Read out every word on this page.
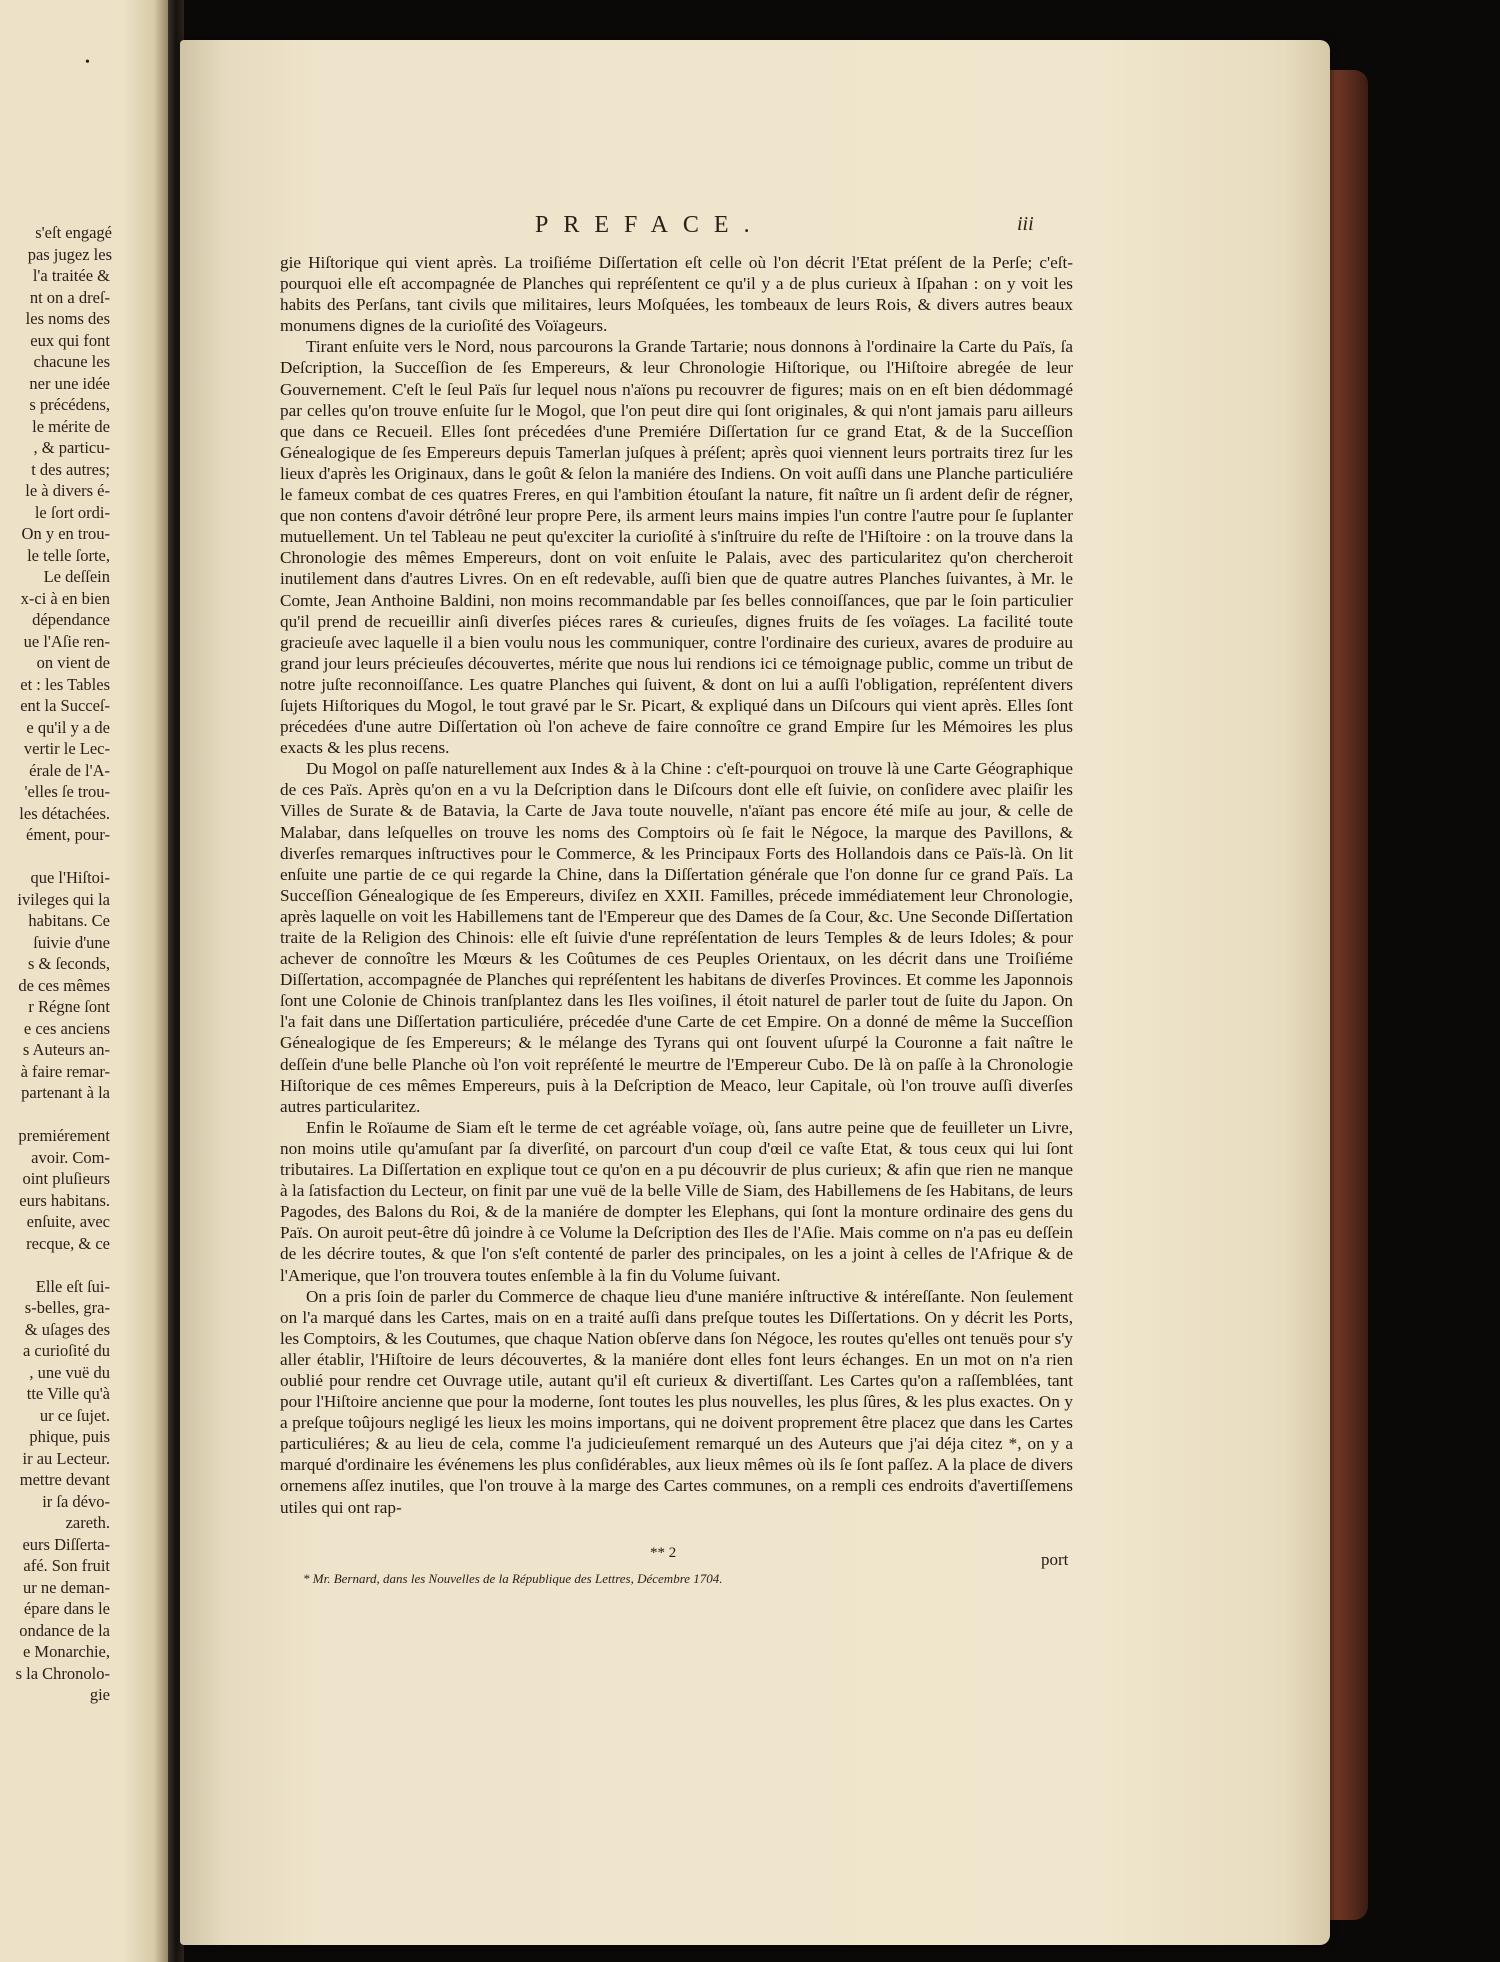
s'eſt engagé
pas jugez les
l'a traitée &
nt on a dreſ-
les noms des
eux qui font
chacune les
ner une idée
s précédens,
le mérite de
, & particu-
t des autres;
le à divers é-
le ſort ordi-
On y en trou-
le telle ſorte,
Le deſſein
x-ci à en bien
dépendance
ue l'Aſie ren-
on vient de
et : les Tables
ent la Succeſ-
e qu'il y a de
vertir le Lec-
érale de l'A-
'elles ſe trou-
les détachées.
ément, pour-
que l'Hiſtoi-
ivileges qui la
habitans. Ce
ſuivie d'une
s & ſeconds,
de ces mêmes
r Régne ſont
e ces anciens
s Auteurs an-
à faire remar-
partenant à la
premiérement
avoir. Com-
oint pluſieurs
eurs habitans.
enſuite, avec
recque, & ce
Elle eſt ſui-
s-belles, gra-
& uſages des
a curioſité du
, une vuë du
tte Ville qu'à
ur ce ſujet.
phique, puis
ir au Lecteur.
mettre devant
ir ſa dévo-
zareth.
eurs Diſſerta-
afé. Son fruit
ur ne deman-
épare dans le
ondance de la
e Monarchie,
s la Chronolo-
gie
PREFACE.	iii

gie Hiſtorique qui vient après. La troiſiéme Diſſertation eſt celle où l'on décrit l'Etat préſent de la Perſe; c'eſt-pourquoi elle eſt accompagnée de Planches qui repréſentent ce qu'il y a de plus curieux à Iſpahan : on y voit les habits des Perſans, tant civils que militaires, leurs Moſquées, les tombeaux de leurs Rois, & divers autres beaux monumens dignes de la curioſité des Voïageurs.

Tirant enſuite vers le Nord, nous parcourons la Grande Tartarie; nous donnons à l'ordinaire la Carte du Païs, ſa Deſcription, la Succeſſion de ſes Empereurs, & leur Chronologie Hiſtorique, ou l'Hiſtoire abregée de leur Gouvernement. C'eſt le ſeul Païs ſur lequel nous n'aïons pu recouvrer de figures; mais on en eſt bien dédommagé par celles qu'on trouve enſuite ſur le Mogol, que l'on peut dire qui ſont originales, & qui n'ont jamais paru ailleurs que dans ce Recueil. Elles ſont précedées d'une Premiére Diſſertation ſur ce grand Etat, & de la Succeſſion Génealogique de ſes Empereurs depuis Tamerlan juſques à préſent; après quoi viennent leurs portraits tirez ſur les lieux d'après les Originaux, dans le goût & ſelon la maniére des Indiens. On voit auſſi dans une Planche particuliére le fameux combat de ces quatres Freres, en qui l'ambition étouſant la nature, fit naître un ſi ardent deſir de régner, que non contens d'avoir détrôné leur propre Pere, ils arment leurs mains impies l'un contre l'autre pour ſe ſuplanter mutuellement. Un tel Tableau ne peut qu'exciter la curioſité à s'inſtruire du reſte de l'Hiſtoire : on la trouve dans la Chronologie des mêmes Empereurs, dont on voit enſuite le Palais, avec des particularitez qu'on chercheroit inutilement dans d'autres Livres. On en eſt redevable, auſſi bien que de quatre autres Planches ſuivantes, à Mr. le Comte, Jean Anthoine Baldini, non moins recommandable par ſes belles connoiſſances, que par le ſoin particulier qu'il prend de recueillir ainſi diverſes piéces rares & curieuſes, dignes fruits de ſes voïages. La facilité toute gracieuſe avec laquelle il a bien voulu nous les communiquer, contre l'ordinaire des curieux, avares de produire au grand jour leurs précieuſes découvertes, mérite que nous lui rendions ici ce témoignage public, comme un tribut de notre juſte reconnoiſſance. Les quatre Planches qui ſuivent, & dont on lui a auſſi l'obligation, repréſentent divers ſujets Hiſtoriques du Mogol, le tout gravé par le Sr. Picart, & expliqué dans un Diſcours qui vient après. Elles ſont précedées d'une autre Diſſertation où l'on acheve de faire connoître ce grand Empire ſur les Mémoires les plus exacts & les plus recens.

Du Mogol on paſſe naturellement aux Indes & à la Chine : c'eſt-pourquoi on trouve là une Carte Géographique de ces Païs. Après qu'on en a vu la Deſcription dans le Diſcours dont elle eſt ſuivie, on conſidere avec plaiſir les Villes de Surate & de Batavia, la Carte de Java toute nouvelle, n'aïant pas encore été miſe au jour, & celle de Malabar, dans leſquelles on trouve les noms des Comptoirs où ſe fait le Négoce, la marque des Pavillons, & diverſes remarques inſtructives pour le Commerce, & les Principaux Forts des Hollandois dans ce Païs-là. On lit enſuite une partie de ce qui regarde la Chine, dans la Diſſertation générale que l'on donne ſur ce grand Païs. La Succeſſion Génealogique de ſes Empereurs, diviſez en XXII. Familles, précede immédiatement leur Chronologie, après laquelle on voit les Habillemens tant de l'Empereur que des Dames de ſa Cour, &c. Une Seconde Diſſertation traite de la Religion des Chinois: elle eſt ſuivie d'une repréſentation de leurs Temples & de leurs Idoles; & pour achever de connoître les Mœurs & les Coûtumes de ces Peuples Orientaux, on les décrit dans une Troiſiéme Diſſertation, accompagnée de Planches qui repréſentent les habitans de diverſes Provinces. Et comme les Japonnois ſont une Colonie de Chinois tranſplantez dans les Iles voiſines, il étoit naturel de parler tout de ſuite du Japon. On l'a fait dans une Diſſertation particuliére, précedée d'une Carte de cet Empire. On a donné de même la Succeſſion Génealogique de ſes Empereurs; & le mélange des Tyrans qui ont ſouvent uſurpé la Couronne a fait naître le deſſein d'une belle Planche où l'on voit repréſenté le meurtre de l'Empereur Cubo. De là on paſſe à la Chronologie Hiſtorique de ces mêmes Empereurs, puis à la Deſcription de Meaco, leur Capitale, où l'on trouve auſſi diverſes autres particularitez.

Enfin le Roïaume de Siam eſt le terme de cet agréable voïage, où, ſans autre peine que de feuilleter un Livre, non moins utile qu'amuſant par ſa diverſité, on parcourt d'un coup d'œil ce vaſte Etat, & tous ceux qui lui ſont tributaires. La Diſſertation en explique tout ce qu'on en a pu découvrir de plus curieux; & afin que rien ne manque à la ſatisfaction du Lecteur, on finit par une vuë de la belle Ville de Siam, des Habillemens de ſes Habitans, de leurs Pagodes, des Balons du Roi, & de la maniére de dompter les Elephans, qui ſont la monture ordinaire des gens du Païs. On auroit peut-être dû joindre à ce Volume la Deſcription des Iles de l'Aſie. Mais comme on n'a pas eu deſſein de les décrire toutes, & que l'on s'eſt contenté de parler des principales, on les a joint à celles de l'Afrique & de l'Amerique, que l'on trouvera toutes enſemble à la fin du Volume ſuivant.

On a pris ſoin de parler du Commerce de chaque lieu d'une maniére inſtructive & intéreſſante. Non ſeulement on l'a marqué dans les Cartes, mais on en a traité auſſi dans preſque toutes les Diſſertations. On y décrit les Ports, les Comptoirs, & les Coutumes, que chaque Nation obſerve dans ſon Négoce, les routes qu'elles ont tenuës pour s'y aller établir, l'Hiſtoire de leurs découvertes, & la maniére dont elles font leurs échanges. En un mot on n'a rien oublié pour rendre cet Ouvrage utile, autant qu'il eſt curieux & divertiſſant. Les Cartes qu'on a raſſemblées, tant pour l'Hiſtoire ancienne que pour la moderne, ſont toutes les plus nouvelles, les plus ſûres, & les plus exactes. On y a preſque toûjours negligé les lieux les moins importans, qui ne doivent proprement être placez que dans les Cartes particuliéres; & au lieu de cela, comme l'a judicieuſement remarqué un des Auteurs que j'ai déja citez *, on y a marqué d'ordinaire les événemens les plus conſidérables, aux lieux mêmes où ils ſe ſont paſſez. A la place de divers ornemens aſſez inutiles, que l'on trouve à la marge des Cartes communes, on a rempli ces endroits d'avertiſſemens utiles qui ont rap-

** 2	port
* Mr. Bernard, dans les Nouvelles de la République des Lettres, Décembre 1704.
•
